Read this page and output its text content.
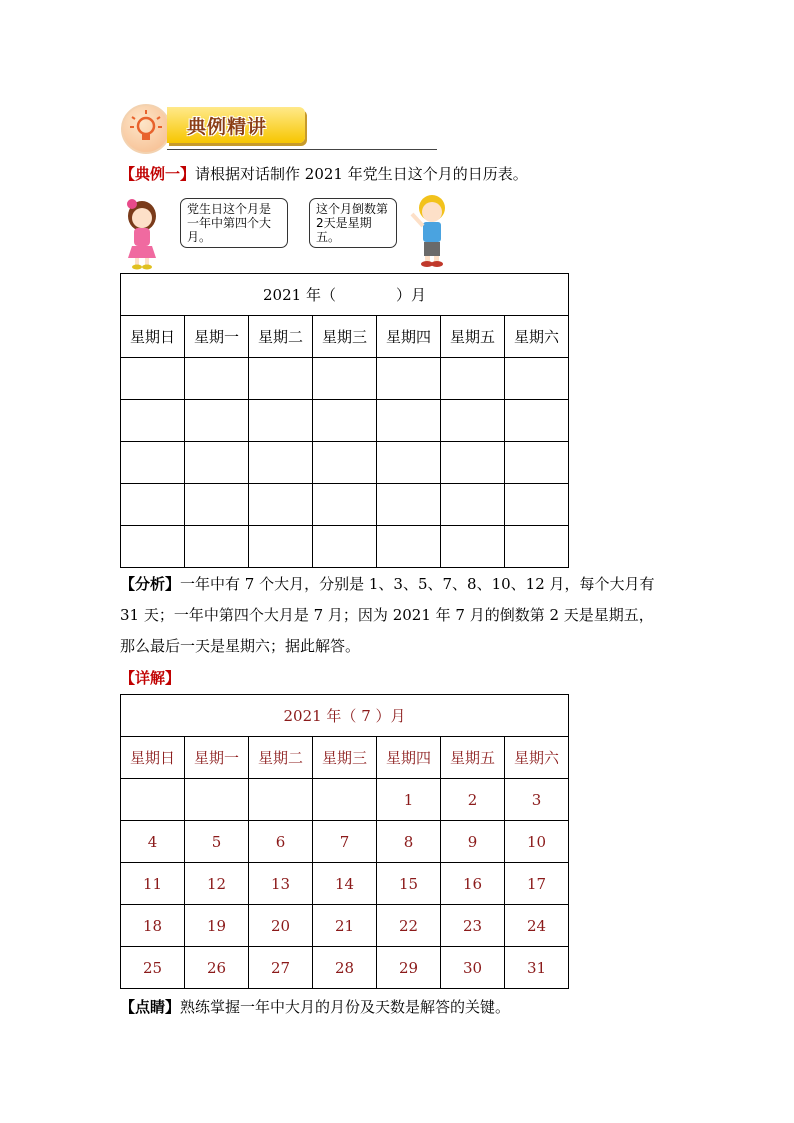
典例精讲
【典例一】请根据对话制作 2021 年党生日这个月的日历表。
党生日这个月是一年中第四个大月。
这个月倒数第2天是星期五。
2021 年（　　　　）月						
星期日	星期一	星期二	星期三	星期四	星期五	星期六

【分析】一年中有 7 个大月，分别是 1、3、5、7、8、10、12 月，每个大月有
31 天；一年中第四个大月是 7 月；因为 2021 年 7 月的倒数第 2 天是星期五，
那么最后一天是星期六；据此解答。
【详解】
2021 年（ 7 ）月						
星期日	星期一	星期二	星期三	星期四	星期五	星期六
				1	2	3
4	5	6	7	8	9	10
11	12	13	14	15	16	17
18	19	20	21	22	23	24
25	26	27	28	29	30	31
【点睛】熟练掌握一年中大月的月份及天数是解答的关键。
